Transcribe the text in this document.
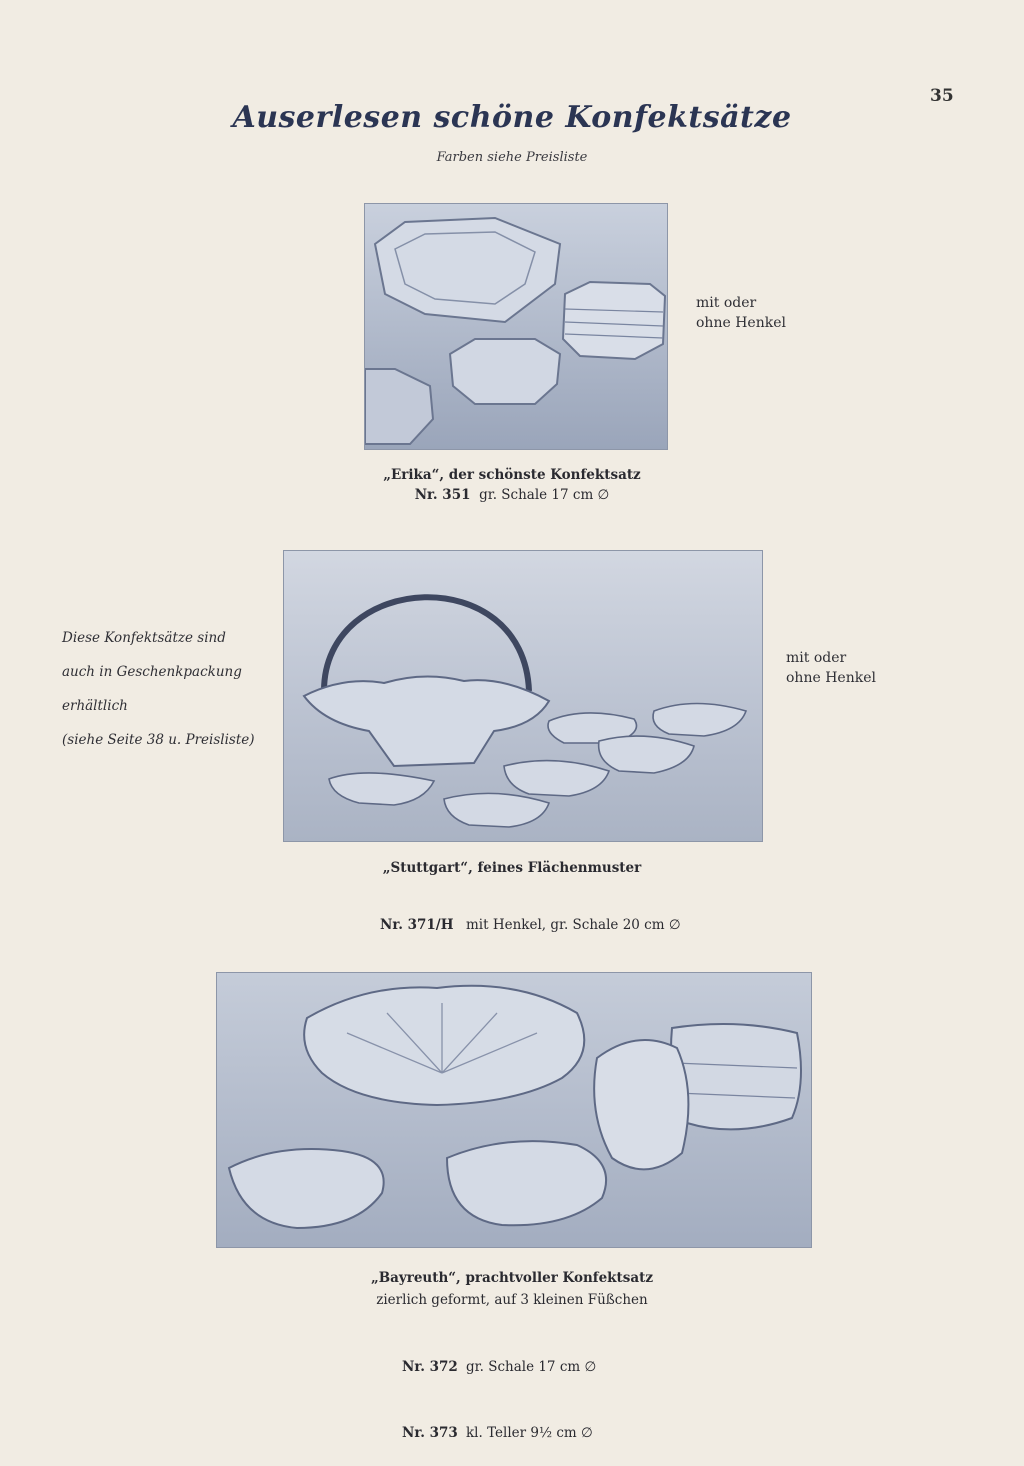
35
Auserlesen schöne Konfektsätze
Farben siehe Preisliste
mit oder
ohne Henkel
„Erika“, der schönste Konfektsatz
Nr. 351 gr. Schale 17 cm ∅
Diese Konfektsätze sind
auch in Geschenkpackung
erhältlich
(siehe Seite 38 u. Preisliste)
mit oder
ohne Henkel
„Stuttgart“, feines Flächenmuster

Nr. 371/H mit Henkel, gr. Schale 20 cm ∅

„Bayreuth“, prachtvoller Konfektsatz
zierlich geformt, auf 3 kleinen Füßchen

Nr. 372 gr. Schale 17 cm ∅

Nr. 373 kl. Teller 9½ cm ∅
